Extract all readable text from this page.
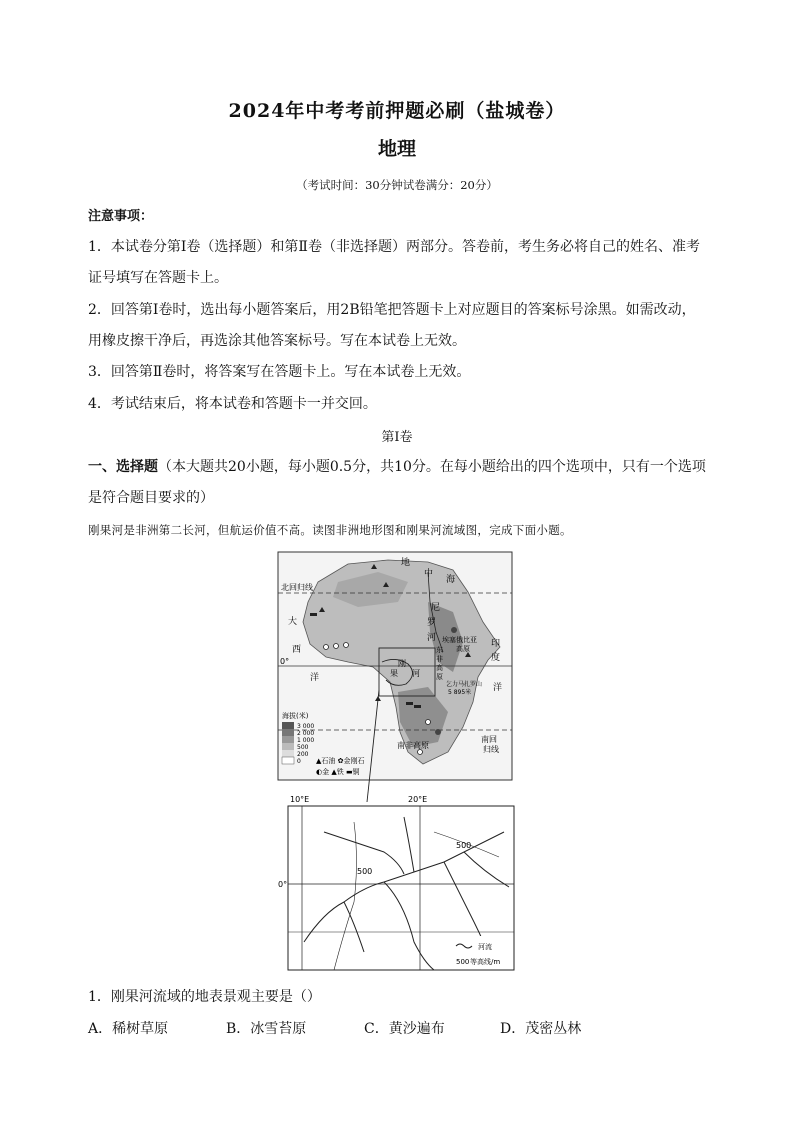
2024年中考考前押题必刷（盐城卷）
地理
（考试时间：30分钟试卷满分：20分）
注意事项：
1．本试卷分第Ⅰ卷（选择题）和第Ⅱ卷（非选择题）两部分。答卷前，考生务必将自己的姓名、准考
证号填写在答题卡上。
2．回答第Ⅰ卷时，选出每小题答案后，用2B铅笔把答题卡上对应题目的答案标号涂黑。如需改动，
用橡皮擦干净后，再选涂其他答案标号。写在本试卷上无效。
3．回答第Ⅱ卷时，将答案写在答题卡上。写在本试卷上无效。
4．考试结束后，将本试卷和答题卡一并交回。
第Ⅰ卷
一、选择题（本大题共20小题，每小题0.5分，共10分。在每小题给出的四个选项中，只有一个选项
是符合题目要求的）
刚果河是非洲第二长河，但航运价值不高。读图非洲地形图和刚果河流域图，完成下面小题。
地
中
海
尼
罗
河
北回归线
大
西
洋
0°
印
度
洋
埃塞俄比亚
高原
东
非
高
原
乞力马扎罗山
5 895米
刚
果 河
南非高原
南回
归线
海拔(米)
3 000
2 000
1 000
500
200
0 ▲石油 ✿金刚石
◐金 ▲铁 ▬铜
10°E	20°E
0°
500
500
河流
500 等高线/m
1．刚果河流域的地表景观主要是（）
A．稀树草原	B．冰雪苔原	C．黄沙遍布	D．茂密丛林
